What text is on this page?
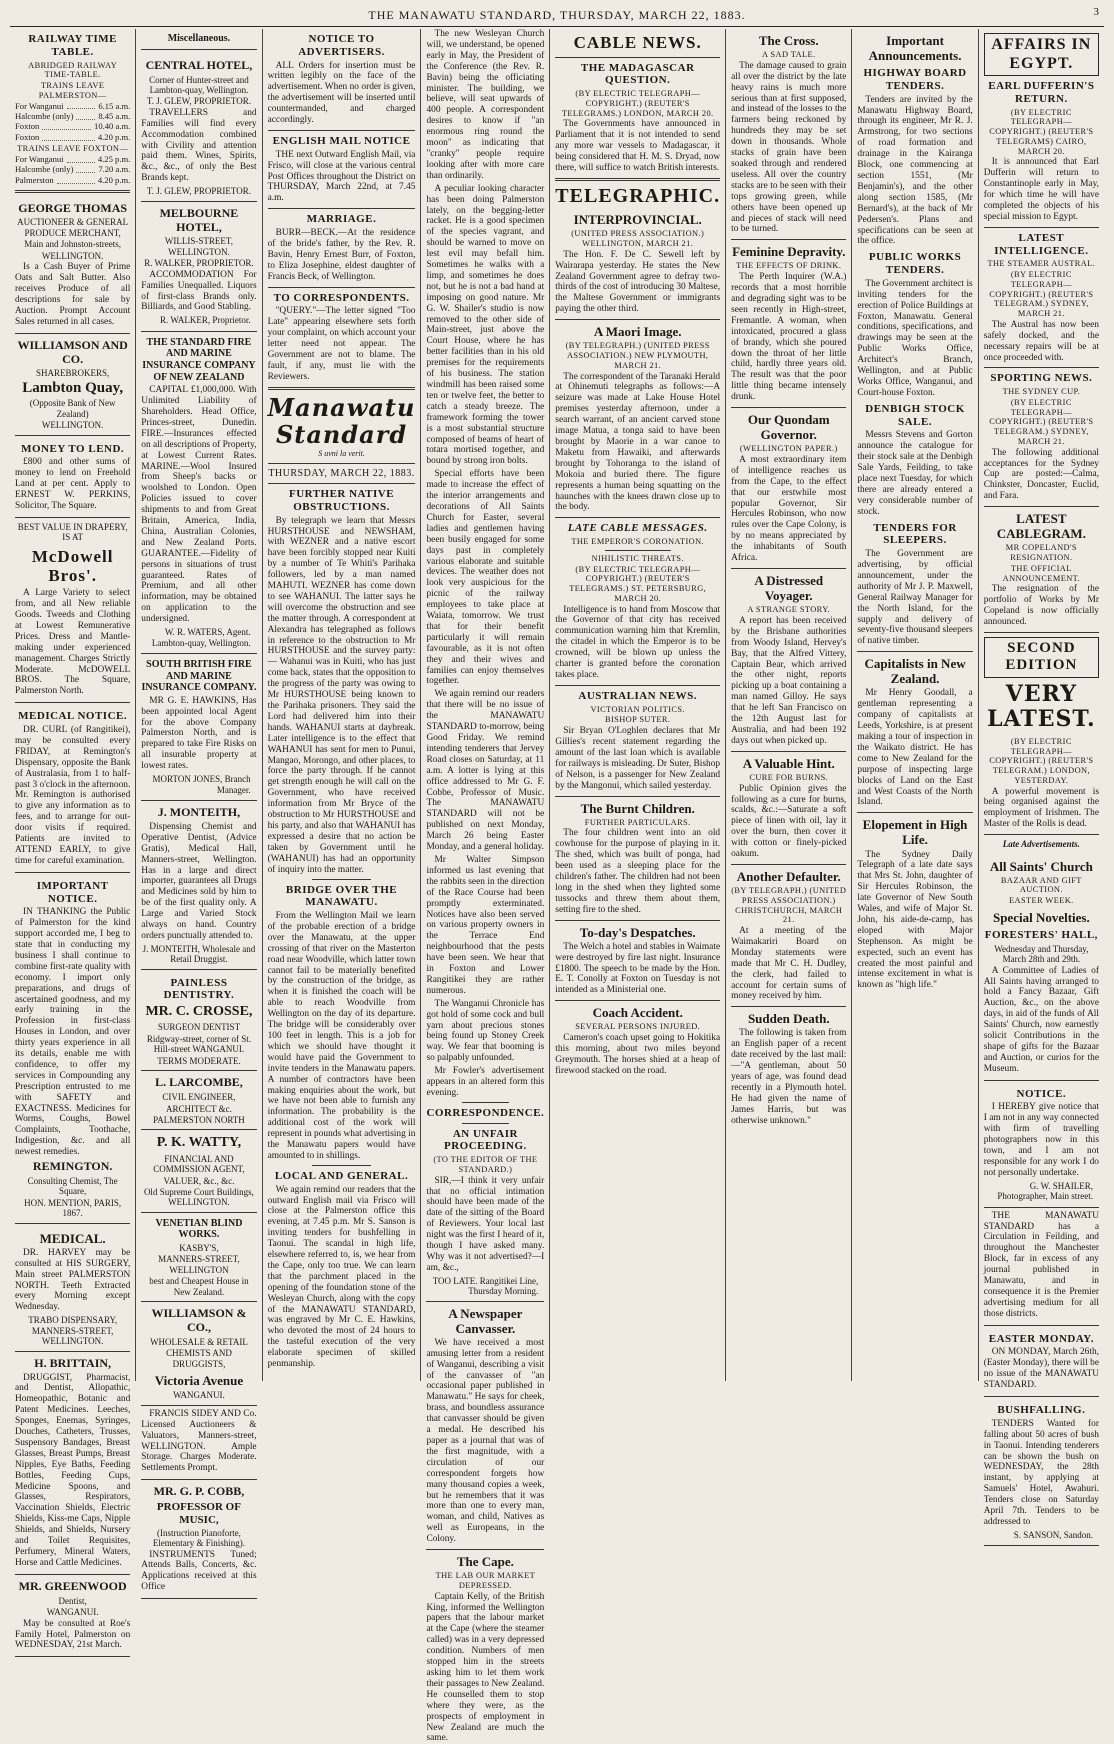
THE MANAWATU STANDARD, THURSDAY, MARCH 22, 1883.	3
RAILWAY TIME TABLE.
ABRIDGED RAILWAY TIME-TABLE.
TRAINS LEAVE PALMERSTON—
For Wanganui	6.15 a.m.
Halcombe (only)	8.45 a.m.
Foxton	10.40 a.m.
Foxton	4.20 p.m.
TRAINS LEAVE FOXTON—
For Wanganui	4.25 p.m.
Halcombe (only)	7.20 a.m.
Palmerston	4.20 p.m.
GEORGE THOMAS
AUCTIONEER & GENERAL PRODUCE MERCHANT,
Main and Johnston-streets,
WELLINGTON.

Is a Cash Buyer of Prime Oats and Salt Butter. Also receives Produce of all descriptions for sale by Auction. Prompt Account Sales returned in all cases.

WILLIAMSON AND CO.
SHAREBROKERS,
Lambton Quay,
(Opposite Bank of New Zealand)
WELLINGTON.
MONEY TO LEND.

£800 and other sums of money to lend on Freehold Land at per cent. Apply to ERNEST W. PERKINS, Solicitor, The Square.

BEST VALUE IN DRAPERY, IS AT
McDowell Bros'.

A Large Variety to select from, and all New reliable Goods. Tweeds and Clothing at Lowest Remunerative Prices. Dress and Mantle-making under experienced management. Charges Strictly Moderate. McDOWELL BROS. The Square, Palmerston North.

MEDICAL NOTICE.

DR. CURL (of Rangitikei), may be consulted every FRIDAY, at Remington's Dispensary, opposite the Bank of Australasia, from 1 to half-past 3 o'clock in the afternoon. Mr. Remington is authorised to give any information as to fees, and to arrange for out-door visits if required. Patients are invited to ATTEND EARLY, to give time for careful examination.

IMPORTANT NOTICE.

IN THANKING the Public of Palmerston for the kind support accorded me, I beg to state that in conducting my business I shall continue to combine first-rate quality with economy. I import only preparations, and drugs of ascertained goodness, and my early training in the Profession in first-class Houses in London, and over thirty years experience in all its details, enable me with confidence, to offer my services in Compounding any Prescription entrusted to me with SAFETY and EXACTNESS. Medicines for Worms, Coughs, Bowel Complaints, Toothache, Indigestion, &c. and all newest remedies.

REMINGTON.
Consulting Chemist, The Square,
HON. MENTION, PARIS, 1867.
MEDICAL.

DR. HARVEY may be consulted at HIS SURGERY, Main street PALMERSTON NORTH. Teeth Extracted every Morning except Wednesday.

TRABO DISPENSARY, MANNERS-STREET, WELLINGTON.
H. BRITTAIN,

DRUGGIST, Pharmacist, and Dentist, Allopathic, Homeopathic, Botanic and Patent Medicines. Leeches, Sponges, Enemas, Syringes, Douches, Catheters, Trusses, Suspensory Bandages, Breast Glasses, Breast Pumps, Breast Nipples, Eye Baths, Feeding Bottles, Feeding Cups, Medicine Spoons, and Glasses, Respirators, Vaccination Shields, Electric Shields, Kiss-me Caps, Nipple Shields, and Shields, Nursery and Toilet Requisites, Perfumery, Mineral Waters, Horse and Cattle Medicines.

MR. GREENWOOD
Dentist,
WANGANUI.

May be consulted at Roe's Family Hotel, Palmerston on WEDNESDAY, 21st March.

Miscellaneous.
CENTRAL HOTEL,
Corner of Hunter-street and Lambton-quay, Wellington.
T. J. GLEW, PROPRIETOR.

TRAVELLERS and Families will find every Accommodation combined with Civility and attention paid them. Wines, Spirits, &c., &c., of only the Best Brands kept.

T. J. GLEW, PROPRIETOR.
MELBOURNE HOTEL,
WILLIS-STREET, WELLINGTON.
R. WALKER, PROPRIETOR.

ACCOMMODATION For Families Unequalled. Liquors of first-class Brands only. Billiards, and Good Stabling.

R. WALKER, Proprietor.
THE STANDARD FIRE AND MARINE INSURANCE COMPANY OF NEW ZEALAND

CAPITAL £1,000,000. With Unlimited Liability of Shareholders. Head Office, Princes-street, Dunedin. FIRE.—Insurances effected on all descriptions of Property, at Lowest Current Rates. MARINE.—Wool Insured from Sheep's backs or woolshed to London. Open Policies issued to cover shipments to and from Great Britain, America, India, China, Australian Colonies, and New Zealand Ports. GUARANTEE.—Fidelity of persons in situations of trust guaranteed. Rates of Premium, and all other information, may be obtained on application to the undersigned.

W. R. WATERS, Agent. Lambton-quay, Wellington.
SOUTH BRITISH FIRE AND MARINE INSURANCE COMPANY.

MR G. E. HAWKINS, Has been appointed local Agent for the above Company Palmerston North, and is prepared to take Fire Risks on all insurable property at lowest rates.

MORTON JONES, Branch Manager.
J. MONTEITH,

Dispensing Chemist and Operative Dentist, (Advice Gratis), Medical Hall, Manners-street, Wellington. Has in a large and direct importer, guarantees all Drugs and Medicines sold by him to be of the first quality only. A Large and Varied Stock always on hand. Country orders punctually attended to.

J. MONTEITH, Wholesale and Retail Druggist.
PAINLESS DENTISTRY.
MR. C. CROSSE,
SURGEON DENTIST
Ridgway-street, corner of St. Hill-street WANGANUI.
TERMS MODERATE.
L. LARCOMBE,
CIVIL ENGINEER,
ARCHITECT &c.
PALMERSTON NORTH
P. K. WATTY,
FINANCIAL AND COMMISSION AGENT,
VALUER, &c., &c.
Old Supreme Court Buildings, WELLINGTON.
VENETIAN BLIND WORKS.
KASBY'S,
MANNERS-STREET, WELLINGTON
best and Cheapest House in New Zealand.
WILLIAMSON & CO.,
WHOLESALE & RETAIL
CHEMISTS AND DRUGGISTS,
Victoria Avenue
WANGANUI.

FRANCIS SIDEY AND Co. Licensed Auctioneers & Valuators, Manners-street, WELLINGTON. Ample Storage. Charges Moderate. Settlements Prompt.

MR. G. P. COBB,
PROFESSOR OF MUSIC,
(Instruction Pianoforte, Elementary & Finishing).

INSTRUMENTS Tuned; Attends Balls, Concerts, &c. Applications received at this Office

NOTICE TO ADVERTISERS.

ALL Orders for insertion must be written legibly on the face of the advertisement. When no order is given, the advertisement will be inserted until countermanded, and charged accordingly.

ENGLISH MAIL NOTICE

THE next Outward English Mail, via Frisco, will close at the various central Post Offices throughout the District on THURSDAY, March 22nd, at 7.45 a.m.

MARRIAGE.

BURR—BECK.—At the residence of the bride's father, by the Rev. R. Bavin, Henry Ernest Burr, of Foxton, to Eliza Josephine, eldest daughter of Francis Beck, of Wellington.

TO CORRESPONDENTS.

"QUERY."—The letter signed "Too Late" appearing elsewhere sets forth your complaint, on which account your letter need not appear. The Government are not to blame. The fault, if any, must lie with the Reviewers.

Manawatu Standard
S uvni la verit.
THURSDAY, MARCH 22, 1883.
FURTHER NATIVE OBSTRUCTIONS.

By telegraph we learn that Messrs HURSTHOUSE and NEWSHAM, with WEZNER and a native escort have been forcibly stopped near Kuiti by a number of Te Whiti's Parihaka followers, led by a man named MAHUTI. WEZNER has come down to see WAHANUI. The latter says he will overcome the obstruction and see the matter through. A correspondent at Alexandra has telegraphed as follows in reference to the obstruction to Mr HURSTHOUSE and the survey party:— Wahanui was in Kuiti, who has just come back, states that the opposition to the progress of the party was owing to Mr HURSTHOUSE being known to the Parihaka prisoners. They said the Lord had delivered him into their hands. WAHANUI starts at daybreak. Later intelligence is to the effect that WAHANUI has sent for men to Punui, Mangao, Morongo, and other places, to force the party through. If he cannot get strength enough he will call on the Government, who have received information from Mr Bryce of the obstruction to Mr HURSTHOUSE and his party, and also that WAHANUI has expressed a desire that no action be taken by Government until he (WAHANUI) has had an opportunity of inquiry into the matter.

BRIDGE OVER THE MANAWATU.

From the Wellington Mail we learn of the probable erection of a bridge over the Manawatu, at the upper crossing of that river on the Masterton road near Woodville, which latter town cannot fail to be materially benefited by the construction of the bridge, as when it is finished the coach will be able to reach Woodville from Wellington on the day of its departure. The bridge will be considerably over 100 feet in length. This is a job for which we should have thought it would have paid the Government to invite tenders in the Manawatu papers. A number of contractors have been making enquiries about the work, but we have not been able to furnish any information. The probability is the additional cost of the work will represent in pounds what advertising in the Manawatu papers would have amounted to in shillings.

LOCAL AND GENERAL.

We again remind our readers that the outward English mail via Frisco will close at the Palmerston office this evening, at 7.45 p.m. Mr S. Sanson is inviting tenders for bushfelling in Taonui. The scandal in high life, elsewhere referred to, is, we hear from the Cape, only too true. We can learn that the parchment placed in the opening of the foundation stone of the Wesleyan Church, along with the copy of the MANAWATU STANDARD, was engraved by Mr C. E. Hawkins, who devoted the most of 24 hours to the tasteful execution of the very elaborate specimen of skilled penmanship.

The new Wesleyan Church will, we understand, be opened early in May, the President of the Conference (the Rev. R. Bavin) being the officiating minister. The building, we believe, will seat upwards of 400 people. A correspondent desires to know if "an enormous ring round the moon" as indicating that "cranky" people require looking after with more care than ordinarily.

A peculiar looking character has been doing Palmerston lately, on the begging-letter racket. He is a good specimen of the species vagrant, and should be warned to move on lest evil may befall him. Sometimes he walks with a limp, and sometimes he does not, but he is not a bad hand at imposing on good nature. Mr G. W. Shailer's studio is now removed to the other side of Main-street, just above the Court House, where he has better facilities than in his old premises for the requirements of his business. The station windmill has been raised some ten or twelve feet, the better to catch a steady breeze. The framework forming the tower is a most substantial structure composed of beams of heart of totara mortised together, and bound by strong iron bolts.

Special efforts have been made to increase the effect of the interior arrangements and decorations of All Saints Church for Easter, several ladies and gentlemen having been busily engaged for some days past in completely various elaborate and suitable devices. The weather does not look very auspicious for the picnic of the railway employees to take place at Waiata, tomorrow. We trust that for their benefit particularly it will remain favourable, as it is not often they and their wives and families can enjoy themselves together.

We again remind our readers that there will be no issue of the MANAWATU STANDARD to-morrow, being Good Friday. We remind intending tenderers that Jervey Road closes on Saturday, at 11 a.m. A lotter is lying at this office addressed to Mr G. F. Cobbe, Professor of Music. The MANAWATU STANDARD will not be published on next Monday, March 26 being Easter Monday, and a general holiday.

Mr Walter Simpson informed us last evening that the rabbits seen in the direction of the Race Course had been promptly exterminated. Notices have also been served on various property owners in the Terrace End neighbourhood that the pests have been seen. We hear that in Foxton and Lower Rangitikei they are rather numerous.

The Wanganui Chronicle has got hold of some cock and bull yarn about precious stones being found up Stoney Creek way. We fear that booming is so palpably unfounded.

Mr Fowler's advertisement appears in an altered form this evening.

CORRESPONDENCE.
AN UNFAIR PROCEEDING.
(TO THE EDITOR OF THE STANDARD.)

SIR,—I think it very unfair that no official intimation should have been made of the date of the sitting of the Board of Reviewers. Your local last night was the first I heard of it, though I have asked many. Why was it not advertised?—I am, &c.,

TOO LATE. Rangitikei Line, Thursday Morning.
A Newspaper Canvasser.

We have received a most amusing letter from a resident of Wanganui, describing a visit of the canvasser of "an occasional paper published in Manawatu." He says for cheek, brass, and boundless assurance that canvasser should be given a medal. He described his paper as a journal that was of the first magnitude, with a circulation of our correspondent forgets how many thousand copies a week, but he remembers that it was more than one to every man, woman, and child, Natives as well as Europeans, in the Colony.

The Cape.
THE LAB OUR MARKET DEPRESSED.

Captain Kelly, of the British King, informed the Wellington papers that the labour market at the Cape (where the steamer called) was in a very depressed condition. Numbers of men stopped him in the streets asking him to let them work their passages to New Zealand. He counselled them to stop where they were, as the prospects of employment in New Zealand are much the same.

CABLE NEWS.
THE MADAGASCAR QUESTION.
(BY ELECTRIC TELEGRAPH—COPYRIGHT.) (REUTER'S TELEGRAMS.) LONDON, MARCH 20.

The Governments have announced in Parliament that it is not intended to send any more war vessels to Madagascar, it being considered that H. M. S. Dryad, now there, will suffice to watch British interests.

TELEGRAPHIC.
INTERPROVINCIAL.
(UNITED PRESS ASSOCIATION.) WELLINGTON, MARCH 21.

The Hon. F. De C. Sewell left by Wairarapa yesterday. He states the New Zealand Government agree to defray two-thirds of the cost of introducing 30 Maltese, the Maltese Government or immigrants paying the other third.

A Maori Image.
(BY TELEGRAPH.) (UNITED PRESS ASSOCIATION.) NEW PLYMOUTH, MARCH 21.

The correspondent of the Taranaki Herald at Ohinemuti telegraphs as follows:—A seizure was made at Lake House Hotel premises yesterday afternoon, under a search warrant, of an ancient carved stone image Matua, a tonga said to have been brought by Maorie in a war canoe to Maketu from Hawaiki, and afterwards brought by Tohoranga to the island of Mokoia and buried there. The figure represents a human being squatting on the haunches with the knees drawn close up to the body.

LATE CABLE MESSAGES.
THE EMPEROR'S CORONATION.
NIHILISTIC THREATS.
(BY ELECTRIC TELEGRAPH—COPYRIGHT.) (REUTER'S TELEGRAMS.) ST. PETERSBURG, MARCH 20.

Intelligence is to hand from Moscow that the Governor of that city has received communication warning him that Kremlin, the citadel in which the Emperor is to be crowned, will be blown up unless the charter is granted before the coronation takes place.

AUSTRALIAN NEWS.
VICTORIAN POLITICS.
BISHOP SUTER.

Sir Bryan O'Loghlen declares that Mr Gillies's recent statement regarding the amount of the last loan which is available for railways is misleading. Dr Suter, Bishop of Nelson, is a passenger for New Zealand by the Mangonui, which sailed yesterday.

The Burnt Children.
FURTHER PARTICULARS.

The four children went into an old cowhouse for the purpose of playing in it. The shed, which was built of ponga, had been used as a sleeping place for the children's father. The children had not been long in the shed when they lighted some tussocks and threw them about them, setting fire to the shed.

To-day's Despatches.

The Welch a hotel and stables in Waimate were destroyed by fire last night. Insurance £1800. The speech to be made by the Hon. E. T. Conolly at Foxton on Tuesday is not intended as a Ministerial one.

Coach Accident.
SEVERAL PERSONS INJURED.

Cameron's coach upset going to Hokitika this morning, about two miles beyond Greymouth. The horses shied at a heap of firewood stacked on the road.

The Cross.
A SAD TALE.

The damage caused to grain all over the district by the late heavy rains is much more serious than at first supposed, and instead of the losses to the farmers being reckoned by hundreds they may be set down in thousands. Whole stacks of grain have been soaked through and rendered useless. All over the country stacks are to be seen with their tops growing green, while others have been opened up and pieces of stack will need to be turned.

Feminine Depravity.
THE EFFECTS OF DRINK.

The Perth Inquirer (W.A.) records that a most horrible and degrading sight was to be seen recently in High-street, Fremantle. A woman, when intoxicated, procured a glass of brandy, which she poured down the throat of her little child, hardly three years old. The result was that the poor little thing became intensely drunk.

Our Quondam Governor.
(WELLINGTON PAPER.)

A most extraordinary item of intelligence reaches us from the Cape, to the effect that our erstwhile most popular Governor, Sir Hercules Robinson, who now rules over the Cape Colony, is by no means appreciated by the inhabitants of South Africa.

A Distressed Voyager.
A STRANGE STORY.

A report has been received by the Brisbane authorities from Woody Island, Hervey's Bay, that the Alfred Vittery, Captain Bear, which arrived the other night, reports picking up a boat containing a man named Gilloy. He says that he left San Francisco on the 12th August last for Australia, and had been 192 days out when picked up.

A Valuable Hint.
CURE FOR BURNS.

Public Opinion gives the following as a cure for burns, scalds, &c.:—Saturate a soft piece of linen with oil, lay it over the burn, then cover it with cotton or finely-picked oakum.

Another Defaulter.
(BY TELEGRAPH.) (UNITED PRESS ASSOCIATION.) CHRISTCHURCH, MARCH 21.

At a meeting of the Waimakariri Board on Monday statements were made that Mr C. H. Dudley, the clerk, had failed to account for certain sums of money received by him.

Sudden Death.

The following is taken from an English paper of a recent date received by the last mail:—"A gentleman, about 50 years of age, was found dead recently in a Plymouth hotel. He had given the name of James Harris, but was otherwise unknown."

Important Announcements.
HIGHWAY BOARD TENDERS.

Tenders are invited by the Manawatu Highway Board, through its engineer, Mr R. J. Armstrong, for two sections of road formation and drainage in the Kairanga Block, one commencing at section 1551, (Mr Benjamin's), and the other along section 1585, (Mr Bernard's), at the back of Mr Pedersen's. Plans and specifications can be seen at the office.

PUBLIC WORKS TENDERS.

The Government architect is inviting tenders for the erection of Police Buildings at Foxton, Manawatu. General conditions, specifications, and drawings may be seen at the Public Works Office, Architect's Branch, Wellington, and at Public Works Office, Wanganui, and Court-house Foxton.

DENBIGH STOCK SALE.

Messrs Stevens and Gorton announce the catalogue for their stock sale at the Denbigh Sale Yards, Feilding, to take place next Tuesday, for which there are already entered a very considerable number of stock.

TENDERS FOR SLEEPERS.

The Government are advertising, by official announcement, under the authority of Mr J. P. Maxwell, General Railway Manager for the North Island, for the supply and delivery of seventy-five thousand sleepers of native timber.

Capitalists in New Zealand.

Mr Henry Goodall, a gentleman representing a company of capitalists at Leeds, Yorkshire, is at present making a tour of inspection in the Waikato district. He has come to New Zealand for the purpose of inspecting large blocks of Land on the East and West Coasts of the North Island.

Elopement in High Life.

The Sydney Daily Telegraph of a late date says that Mrs St. John, daughter of Sir Hercules Robinson, the late Governor of New South Wales, and wife of Major St. John, his aide-de-camp, has eloped with Major Stephenson. As might be expected, such an event has created the most painful and intense excitement in what is known as "high life."

AFFAIRS IN EGYPT.
EARL DUFFERIN'S RETURN.
(BY ELECTRIC TELEGRAPH—COPYRIGHT.) (REUTER'S TELEGRAMS) CAIRO, MARCH 20.

It is announced that Earl Dufferin will return to Constantinople early in May, for which time he will have completed the objects of his special mission to Egypt.

LATEST INTELLIGENCE.
THE STEAMER AUSTRAL.
(BY ELECTRIC TELEGRAPH—COPYRIGHT.) (REUTER'S TELEGRAM.) SYDNEY, MARCH 21.

The Austral has now been safely docked, and the necessary repairs will be at once proceeded with.

SPORTING NEWS.
THE SYDNEY CUP.
(BY ELECTRIC TELEGRAPH—COPYRIGHT.) (REUTER'S TELEGRAM.) SYDNEY, MARCH 21.

The following additional acceptances for the Sydney Cup are posted:—Calma, Chinkster, Doncaster, Euclid, and Fara.

LATEST CABLEGRAM.
MR COPELAND'S RESIGNATION.
THE OFFICIAL ANNOUNCEMENT.

The resignation of the portfolio of Works by Mr Copeland is now officially announced.

SECOND EDITION
VERY LATEST.
(BY ELECTRIC TELEGRAPH—COPYRIGHT.) (REUTER'S TELEGRAM.) LONDON, YESTERDAY.

A powerful movement is being organised against the employment of Irishmen. The Master of the Rolls is dead.

Late Advertisements.
All Saints' Church
BAZAAR AND GIFT AUCTION.
EASTER WEEK.
Special Novelties.
FORESTERS' HALL,
Wednesday and Thursday, March 28th and 29th.

A Committee of Ladies of All Saints having arranged to hold a Fancy Bazaar, Gift Auction, &c., on the above days, in aid of the funds of All Saints' Church, now earnestly solicit Contributions in the shape of gifts for the Bazaar and Auction, or curios for the Museum.

NOTICE.

I HEREBY give notice that I am not in any way connected with firm of travelling photographers now in this town, and I am not responsible for any work I do not personally undertake.

G. W. SHAILER, Photographer, Main street.

THE MANAWATU STANDARD has a Circulation in Feilding, and throughout the Manchester Block, far in excess of any journal published in Manawatu, and in consequence it is the Premier advertising medium for all those districts.

EASTER MONDAY.

ON MONDAY, March 26th, (Easter Monday), there will be no issue of the MANAWATU STANDARD.

BUSHFALLING.

TENDERS Wanted for falling about 50 acres of bush in Taonui. Intending tenderers can be shown the bush on WEDNESDAY, the 28th instant, by applying at Samuels' Hotel, Awahuri. Tenders close on Saturday April 7th. Tenders to be addressed to

S. SANSON, Sandon.
